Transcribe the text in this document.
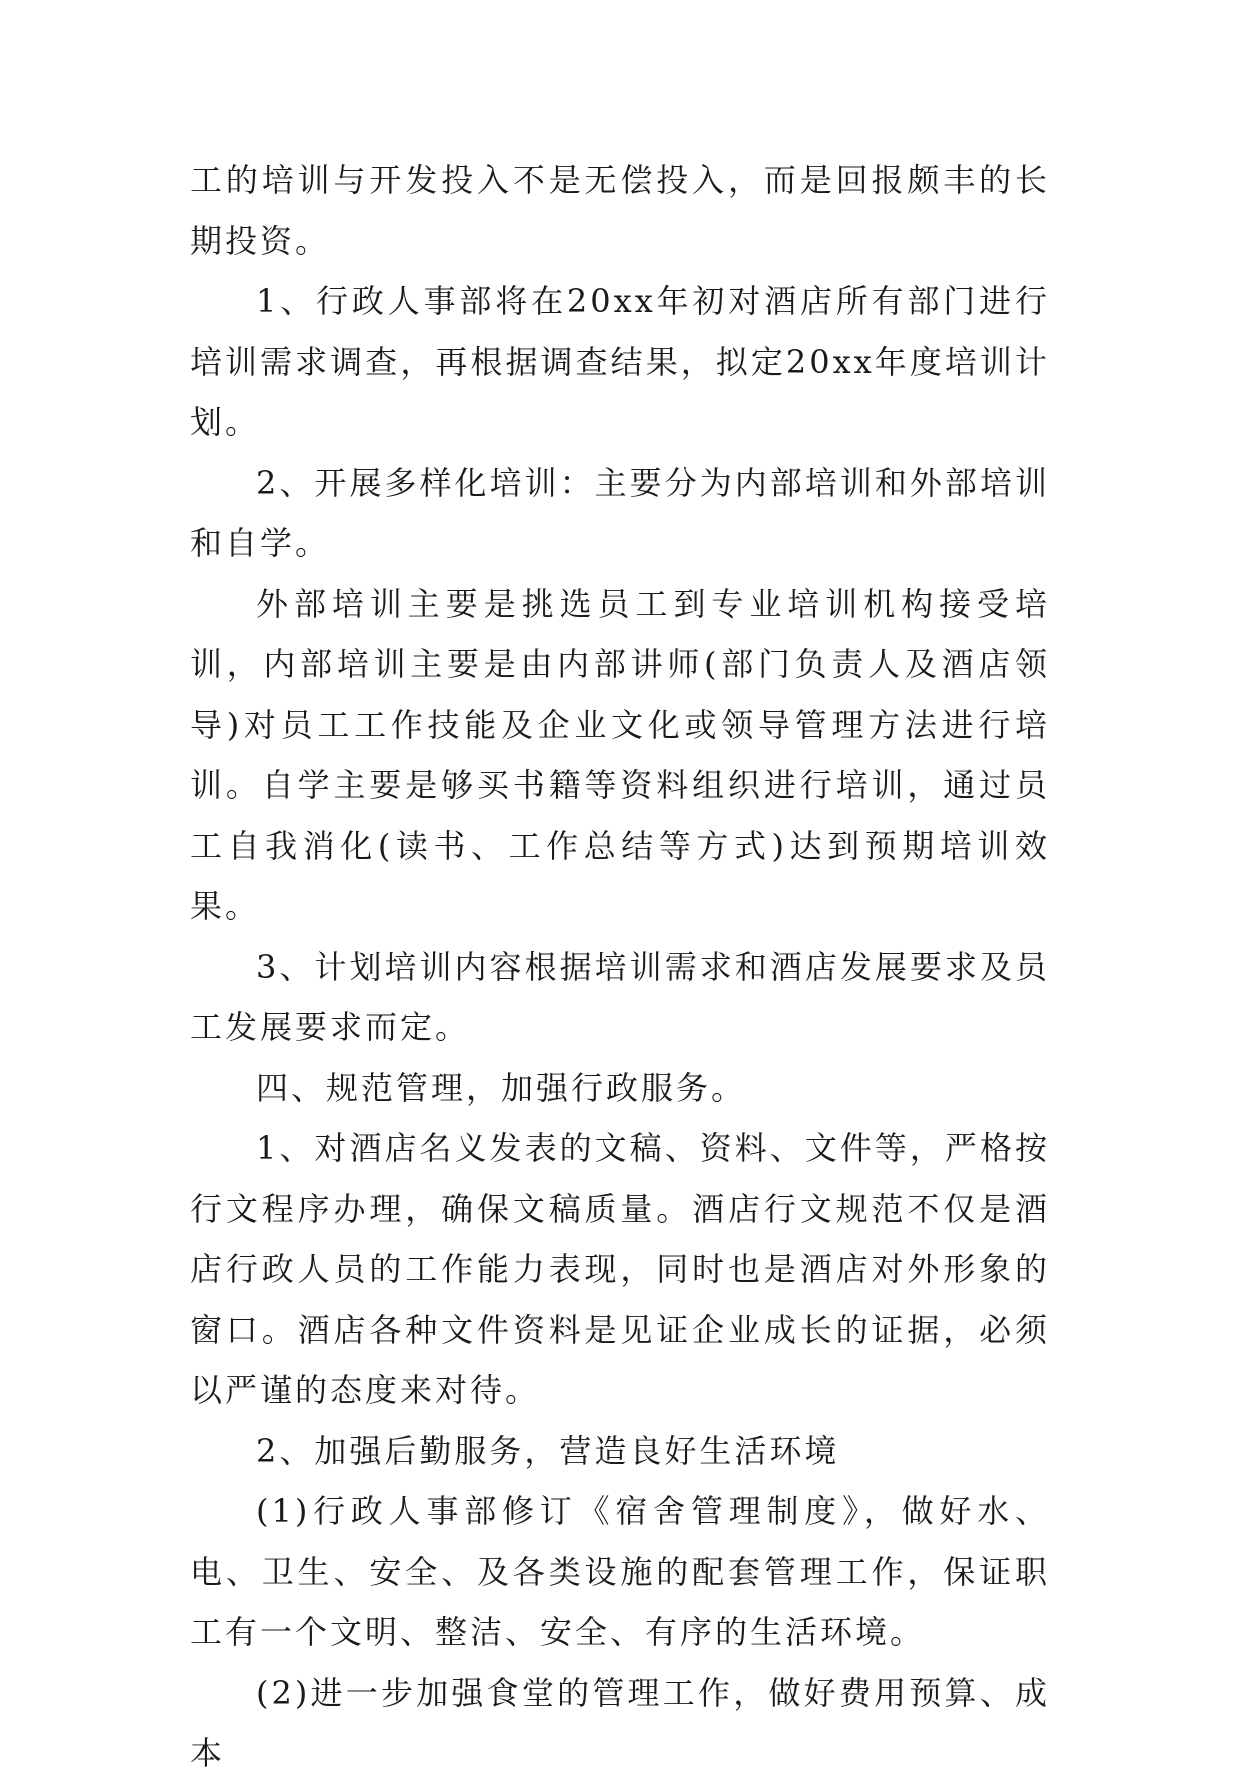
工的培训与开发投入不是无偿投入，而是回报颇丰的长期投资。

1、行政人事部将在20xx年初对酒店所有部门进行培训需求调查，再根据调查结果，拟定20xx年度培训计划。

2、开展多样化培训：主要分为内部培训和外部培训和自学。

外部培训主要是挑选员工到专业培训机构接受培训，内部培训主要是由内部讲师(部门负责人及酒店领导)对员工工作技能及企业文化或领导管理方法进行培训。自学主要是够买书籍等资料组织进行培训，通过员工自我消化(读书、工作总结等方式)达到预期培训效果。

3、计划培训内容根据培训需求和酒店发展要求及员工发展要求而定。

四、规范管理，加强行政服务。

1、对酒店名义发表的文稿、资料、文件等，严格按行文程序办理，确保文稿质量。酒店行文规范不仅是酒店行政人员的工作能力表现，同时也是酒店对外形象的窗口。酒店各种文件资料是见证企业成长的证据，必须以严谨的态度来对待。

2、加强后勤服务，营造良好生活环境

(1)行政人事部修订《宿舍管理制度》，做好水、电、卫生、安全、及各类设施的配套管理工作，保证职工有一个文明、整洁、安全、有序的生活环境。

(2)进一步加强食堂的管理工作，做好费用预算、成本
